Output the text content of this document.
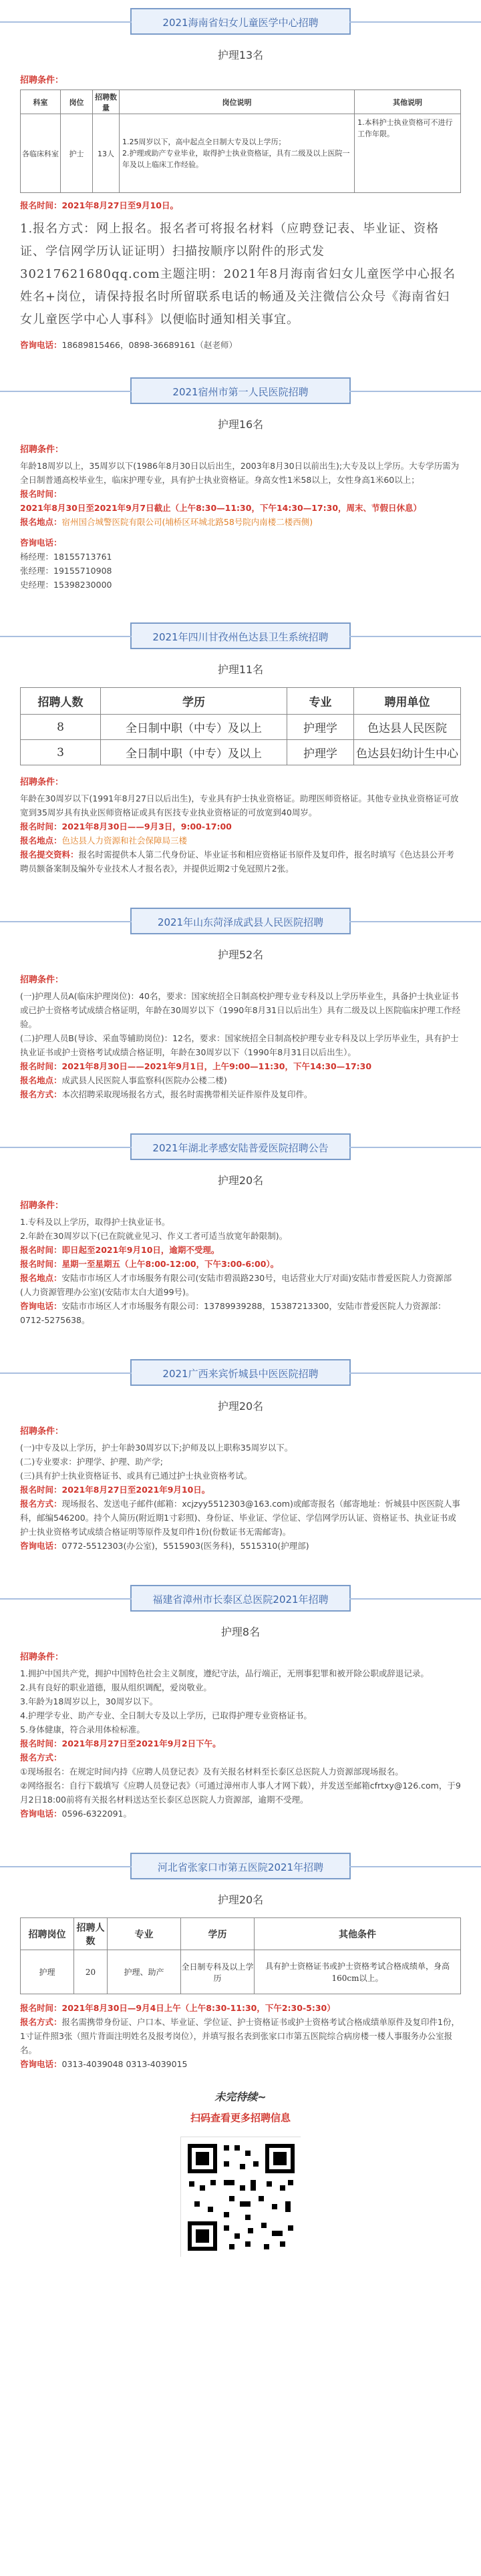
2021海南省妇女儿童医学中心招聘
护理13名
招聘条件：
科室	岗位	招聘数量	岗位说明	其他说明
各临床科室	护士	13人	1.25周岁以下，高中起点全日制大专及以上学历；
2.护理或助产专业毕业，取得护士执业资格证，具有二级及以上医院一年及以上临床工作经验。	1.本科护士执业资格可不进行工作年限。
报名时间：2021年8月27日至9月10日。
1.报名方式：网上报名。报名者可将报名材料（应聘登记表、毕业证、资格证、学信网学历认证证明）扫描按顺序以附件的形式发30217621680qq.com主题注明：2021年8月海南省妇女儿童医学中心报名姓名+岗位，请保持报名时所留联系电话的畅通及关注微信公众号《海南省妇女儿童医学中心人事科》以便临时通知相关事宜。
咨询电话：18689815466，0898-36689161（赵老师）
2021宿州市第一人民医院招聘
护理16名
招聘条件：
年龄18周岁以上，35周岁以下(1986年8月30日以后出生，2003年8月30日以前出生);大专及以上学历。大专学历需为全日制普通高校毕业生，临床护理专业，具有护士执业资格证。身高女性1米58以上，女性身高1米60以上；
报名时间：2021年8月30日至2021年9月7日截止（上午8:30—11:30，下午14:30—17:30，周末、节假日休息）
报名地点：宿州国合城警医院有限公司(埔桥区环城北路58号院内南楼二楼西侧)
咨询电话：
杨经理：18155713761
张经理：19155710908
史经理：15398230000
2021年四川甘孜州色达县卫生系统招聘
护理11名
招聘人数	学历	专业	聘用单位
8	全日制中职（中专）及以上	护理学	色达县人民医院
3	全日制中职（中专）及以上	护理学	色达县妇幼计生中心
招聘条件：
年龄在30周岁以下(1991年8月27日以后出生)，专业具有护士执业资格证。助理医师资格证。其他专业执业资格证可放宽到35周岁具有执业医师资格证或具有医技专业执业资格证的可放宽到40周岁。
报名时间：2021年8月30日——9月3日，9:00-17:00
报名地点：色达县人力资源和社会保障局三楼
报名提交资料：报名时需提供本人第二代身份证、毕业证书和相应资格证书原件及复印件，报名时填写《色达县公开考聘员额备案制及编外专业技术人才报名表》，并提供近期2寸免冠照片2张。
2021年山东菏泽成武县人民医院招聘
护理52名
招聘条件：
(一)护理人员A(临床护理岗位)：40名，要求：国家统招全日制高校护理专业专科及以上学历毕业生，具备护士执业证书或已护士资格考试成绩合格证明，年龄在30周岁以下（1990年8月31日以后出生）具有二级及以上医院临床护理工作经验。
(二)护理人员B(导诊、采血等辅助岗位)：12名，要求：国家统招全日制高校护理专业专科及以上学历毕业生，具有护士执业证书或护士资格考试成绩合格证明，年龄在30周岁以下（1990年8月31日以后出生）。
报名时间：2021年8月30日——2021年9月1日，上午9:00—11:30，下午14:30—17:30
报名地点：成武县人民医院人事监察科(医院办公楼二楼)
报名方式：本次招聘采取现场报名方式，报名时需携带相关证件原件及复印件。
2021年湖北孝感安陆普爱医院招聘公告
护理20名
招聘条件：
1.专科及以上学历，取得护士执业证书。
2.年龄在30周岁以下(已在院就业见习、作义工者可适当放宽年龄限制)。
报名时间：即日起至2021年9月10日，逾期不受理。
报名时间：星期一至星期五（上午8:00-12:00，下午3:00-6:00）。
报名地点：安陆市市场区人才市场服务有限公司(安陆市碧涢路230号，电话营业大厅对面)安陆市普爱医院人力资源部(人力资源管理办公室)(安陆市太白大道99号)。
咨询电话：安陆市市场区人才市场服务有限公司：13789939288，15387213300，安陆市普爱医院人力资源部：0712-5275638。
2021广西来宾忻城县中医医院招聘
护理20名
招聘条件：
(一)中专及以上学历，护士年龄30周岁以下;护师及以上职称35周岁以下。
(二)专业要求：护理学、护理、助产学;
(三)具有护士执业资格证书、或具有已通过护士执业资格考试。
报名时间：2021年8月27日至2021年9月10日。
报名方式：现场报名、发送电子邮件(邮箱：xcjzyy5512303@163.com)或邮寄报名（邮寄地址：忻城县中医医院人事科，邮编546200。持个人简历(附近期1寸彩照)、身份证、毕业证、学位证、学信网学历认证、资格证书、执业证书或护士执业资格考试成绩合格证明等原件及复印件1份(份数证书无需邮寄)。
咨询电话：0772-5512303(办公室)，5515903(医务科)，5515310(护理部)
福建省漳州市长泰区总医院2021年招聘
护理8名
招聘条件：
1.拥护中国共产党，拥护中国特色社会主义制度，遵纪守法，品行端正，无刑事犯罪和被开除公职或辞退记录。
2.具有良好的职业道德，服从组织调配，爱岗敬业。
3.年龄为18周岁以上，30周岁以下。
4.护理学专业、助产专业、全日制大专及以上学历，已取得护理专业资格证书。
5.身体健康，符合录用体检标准。
报名时间：2021年8月27日至2021年9月2日下午。
报名方式：
①现场报名：在规定时间内持《应聘人员登记表》及有关报名材料至长泰区总医院人力资源部现场报名。
②网络报名：自行下载填写《应聘人员登记表》（可通过漳州市人事人才网下载），并发送至邮箱cfrtxy@126.com，于9月2日18:00前将有关报名材料送达至长泰区总医院人力资源部，逾期不受理。
咨询电话：0596-6322091。
河北省张家口市第五医院2021年招聘
护理20名
招聘岗位	招聘人数	专业	学历	其他条件
护理	20	护理、助产	全日制专科及以上学历	具有护士资格证书或护士资格考试合格成绩单，身高160cm以上。
报名时间：2021年8月30日—9月4日上午（上午8:30-11:30，下午2:30-5:30）
报名方式：报名需携带身份证、户口本、毕业证、学位证、护士资格证书或护士资格考试合格成绩单原件及复印件1份，1寸证件照3张（照片背面注明姓名及报考岗位），并填写报名表到张家口市第五医院综合病房楼一楼人事服务办公室报名。
咨询电话：0313-4039048 0313-4039015
未完待续~
扫码查看更多招聘信息
